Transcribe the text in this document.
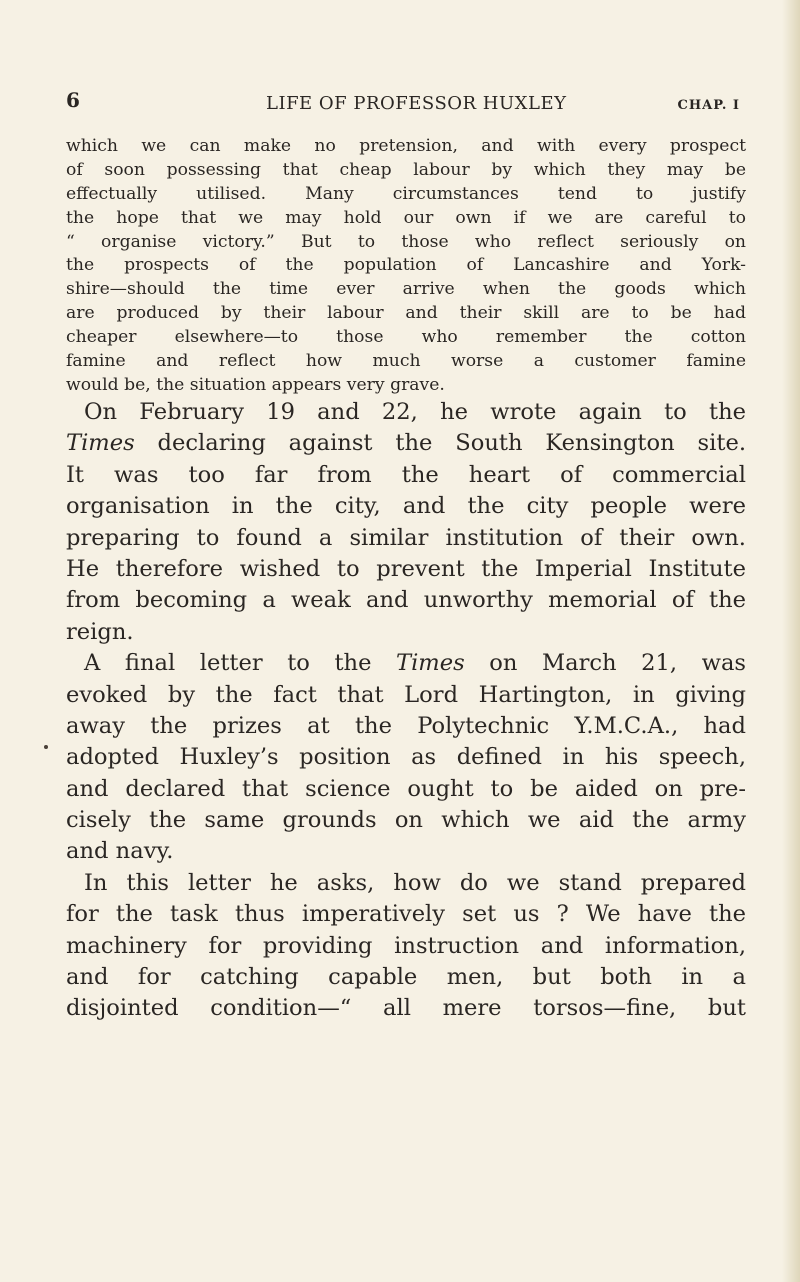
6	LIFE OF PROFESSOR HUXLEY	CHAP. I
which we can make no pretension, and with every prospect
of soon possessing that cheap labour by which they may be
effectually utilised. Many circumstances tend to justify
the hope that we may hold our own if we are careful to
“ organise victory.” But to those who reflect seriously on
the prospects of the population of Lancashire and York-
shire—should the time ever arrive when the goods which
are produced by their labour and their skill are to be had
cheaper elsewhere—to those who remember the cotton
famine and reflect how much worse a customer famine
would be, the situation appears very grave.
On February 19 and 22, he wrote again to the
Times declaring against the South Kensington site.
It was too far from the heart of commercial
organisation in the city, and the city people were
preparing to found a similar institution of their own.
He therefore wished to prevent the Imperial Institute
from becoming a weak and unworthy memorial of the
reign.
A final letter to the Times on March 21, was
evoked by the fact that Lord Hartington, in giving
away the prizes at the Polytechnic Y.M.C.A., had
adopted Huxley’s position as defined in his speech,
and declared that science ought to be aided on pre-
cisely the same grounds on which we aid the army
and navy.
In this letter he asks, how do we stand prepared
for the task thus imperatively set us ? We have the
machinery for providing instruction and information,
and for catching capable men, but both in a
disjointed condition—“ all mere torsos—fine, but
